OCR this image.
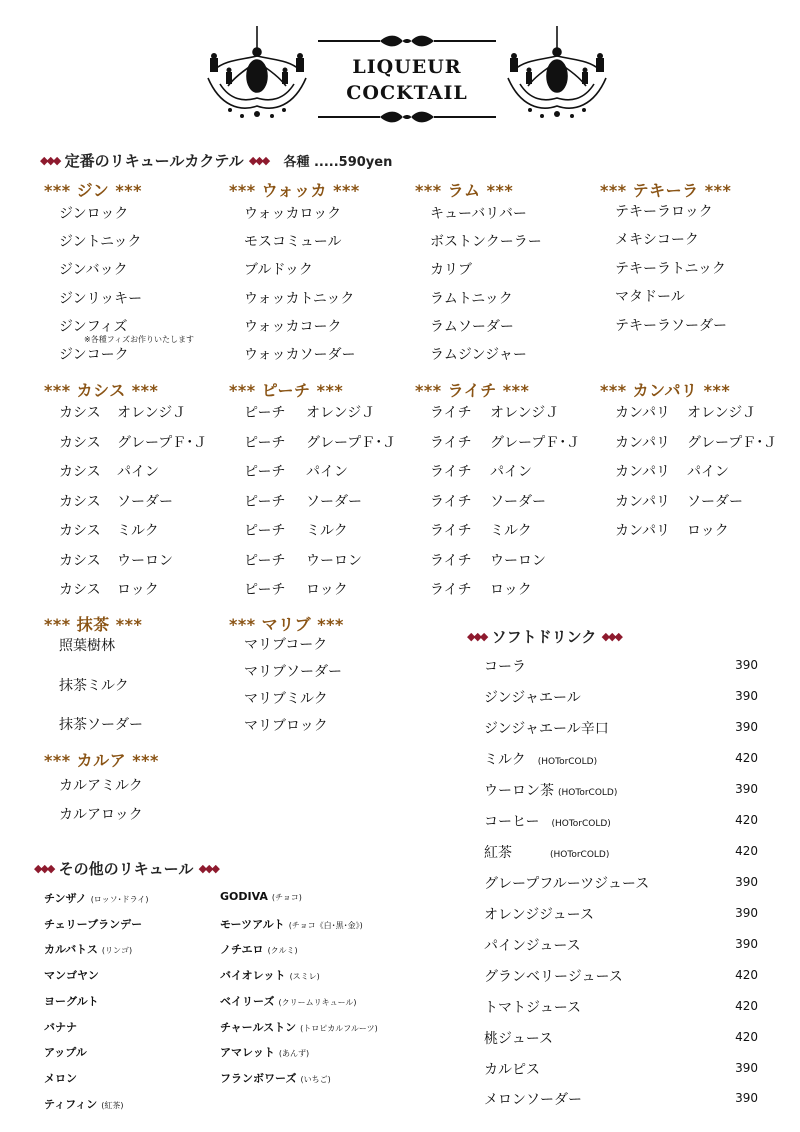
LIQUEUR
COCKTAIL
◆◆◆ 定番のリキュールカクテル ◆◆◆ 各種 .....590yen
*** ジン ***	*** ウォッカ ***	*** ラム ***	*** テキーラ ***
ジンロック
ジントニック
ジンバック
ジンリッキー
ジンフィズ
※各種フィズお作りいたします
ジンコーク
ウォッカロック
モスコミュール
ブルドック
ウォッカトニック
ウォッカコーク
ウォッカソーダー
キューバリバー
ボストンクーラー
カリブ
ラムトニック
ラムソーダー
ラムジンジャー
テキーラロック
メキシコーク
テキーラトニック
マタドール
テキーラソーダー
*** カシス ***	*** ピーチ ***	*** ライチ ***	*** カンパリ ***
カシス オレンジＪ
カシス グレープＦ･Ｊ
カシス パイン
カシス ソーダー
カシス ミルク
カシス ウーロン
カシス ロック
ピーチ オレンジＪ
ピーチ グレープＦ･Ｊ
ピーチ パイン
ピーチ ソーダー
ピーチ ミルク
ピーチ ウーロン
ピーチ ロック
ライチ オレンジＪ
ライチ グレープＦ･Ｊ
ライチ パイン
ライチ ソーダー
ライチ ミルク
ライチ ウーロン
ライチ ロック
カンパリ オレンジＪ
カンパリ グレープＦ･Ｊ
カンパリ パイン
カンパリ ソーダー
カンパリ ロック
*** 抹茶 ***	*** マリブ ***
照葉樹林
抹茶ミルク
抹茶ソーダー
マリブコーク
マリブソーダー
マリブミルク
マリブロック
*** カルア ***
カルアミルク
カルアロック
◆◆◆ その他のリキュール ◆◆◆
チンザノ (ロッソ･ドライ)
チェリーブランデー
カルバトス (リンゴ)
マンゴヤン
ヨーグルト
バナナ
アップル
メロン
ティフィン (紅茶)
GODIVA (チョコ)
モーツアルト (チョコ《白･黒･金》)
ノチエロ (クルミ)
バイオレット (スミレ)
ベイリーズ (クリームリキュール)
チャールストン (トロピカルフルーツ)
アマレット (あんず)
フランボワーズ (いちご)
◆◆◆ ソフトドリンク ◆◆◆
コーラ	390
ジンジャエール	390
ジンジャエール辛口	390
ミルク (HOTorCOLD)	420
ウーロン茶 (HOTorCOLD)	390
コーヒー (HOTorCOLD)	420
紅茶	(HOTorCOLD)	420
グレープフルーツジュース	390
オレンジジュース	390
パインジュース	390
グランベリージュース	420
トマトジュース	420
桃ジュース	420
カルピス	390
メロンソーダー	390
